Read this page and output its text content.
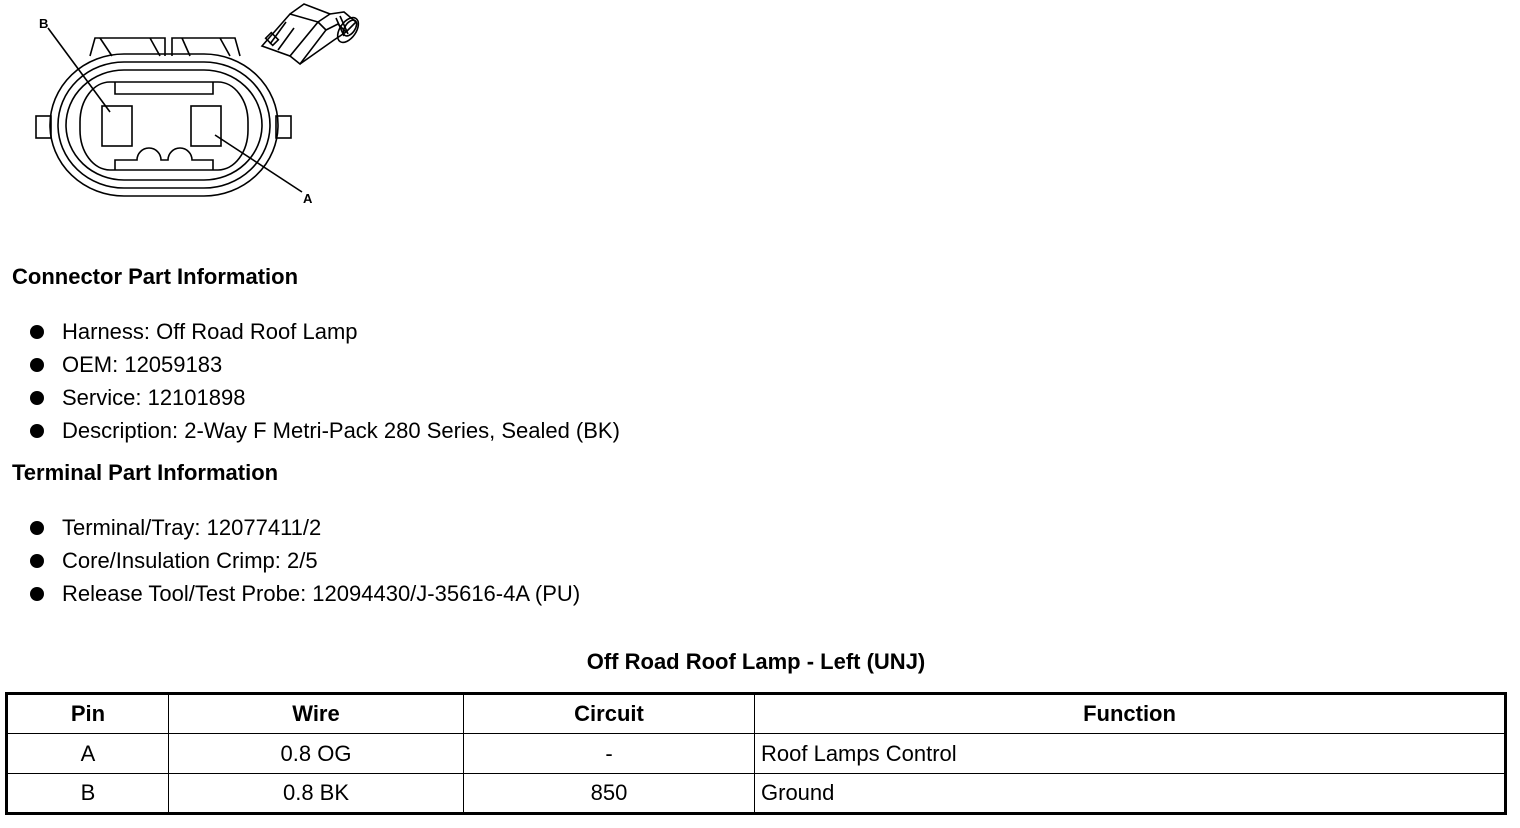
B
A
Connector Part Information
Harness: Off Road Roof Lamp
OEM: 12059183
Service: 12101898
Description: 2-Way F Metri-Pack 280 Series, Sealed (BK)
Terminal Part Information
Terminal/Tray: 12077411/2
Core/Insulation Crimp: 2/5
Release Tool/Test Probe: 12094430/J-35616-4A (PU)
Off Road Roof Lamp - Left (UNJ)
Pin	Wire	Circuit	Function
A	0.8 OG	-	Roof Lamps Control
B	0.8 BK	850	Ground
